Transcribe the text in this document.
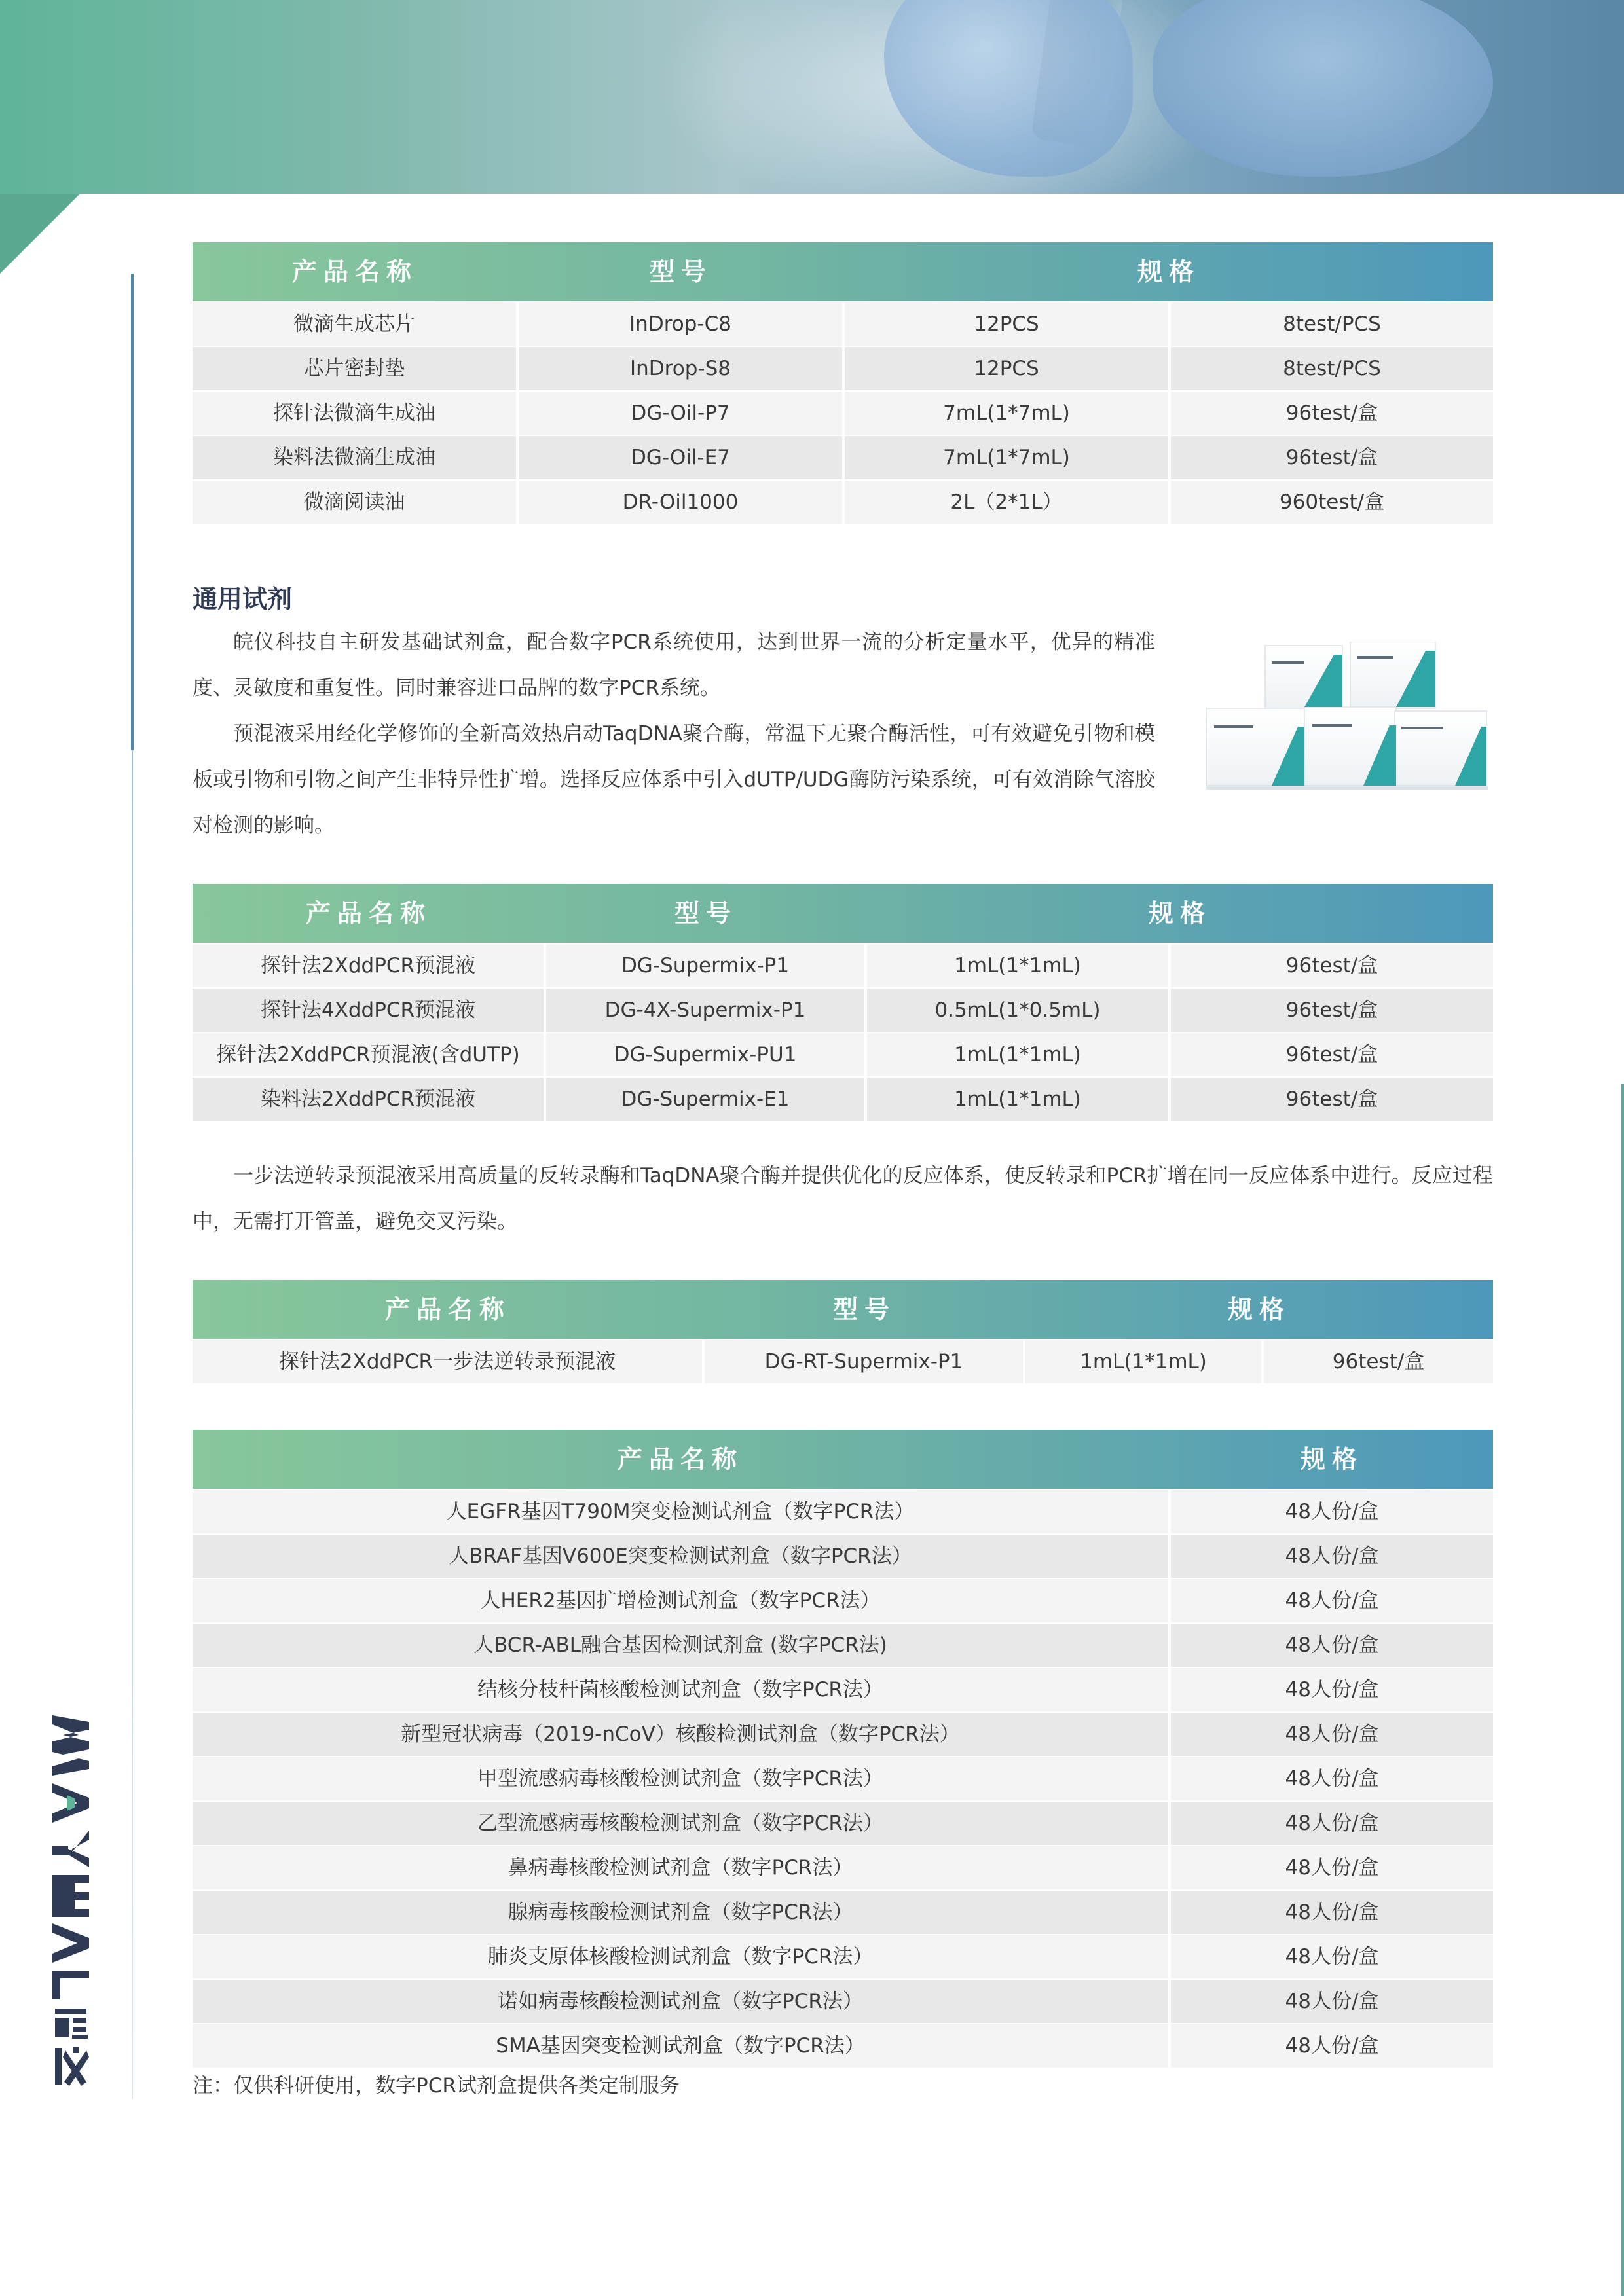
产品名称	型号	规格
微滴生成芯片	InDrop-C8	12PCS	8test/PCS
芯片密封垫	InDrop-S8	12PCS	8test/PCS
探针法微滴生成油	DG-Oil-P7	7mL(1*7mL)	96test/盒
染料法微滴生成油	DG-Oil-E7	7mL(1*7mL)	96test/盒
微滴阅读油	DR-Oil1000	2L（2*1L）	960test/盒
通用试剂
皖仪科技自主研发基础试剂盒，配合数字PCR系统使用，达到世界一流的分析定量水平，优异的精准度、灵敏度和重复性。同时兼容进口品牌的数字PCR系统。
预混液采用经化学修饰的全新高效热启动TaqDNA聚合酶，常温下无聚合酶活性，可有效避免引物和模板或引物和引物之间产生非特异性扩增。选择反应体系中引入dUTP/UDG酶防污染系统，可有效消除气溶胶对检测的影响。
产品名称	型号	规格
探针法2XddPCR预混液	DG-Supermix-P1	1mL(1*1mL)	96test/盒
探针法4XddPCR预混液	DG-4X-Supermix-P1	0.5mL(1*0.5mL)	96test/盒
探针法2XddPCR预混液(含dUTP)	DG-Supermix-PU1	1mL(1*1mL)	96test/盒
染料法2XddPCR预混液	DG-Supermix-E1	1mL(1*1mL)	96test/盒
一步法逆转录预混液采用高质量的反转录酶和TaqDNA聚合酶并提供优化的反应体系，使反转录和PCR扩增在同一反应体系中进行。反应过程中，无需打开管盖，避免交叉污染。
产品名称	型号	规格
探针法2XddPCR一步法逆转录预混液	DG-RT-Supermix-P1	1mL(1*1mL)	96test/盒
产品名称	规格
人EGFR基因T790M突变检测试剂盒（数字PCR法）	48人份/盒
人BRAF基因V600E突变检测试剂盒（数字PCR法）	48人份/盒
人HER2基因扩增检测试剂盒（数字PCR法）	48人份/盒
人BCR-ABL融合基因检测试剂盒 (数字PCR法)	48人份/盒
结核分枝杆菌核酸检测试剂盒（数字PCR法）	48人份/盒
新型冠状病毒（2019-nCoV）核酸检测试剂盒（数字PCR法）	48人份/盒
甲型流感病毒核酸检测试剂盒（数字PCR法）	48人份/盒
乙型流感病毒核酸检测试剂盒（数字PCR法）	48人份/盒
鼻病毒核酸检测试剂盒（数字PCR法）	48人份/盒
腺病毒核酸检测试剂盒（数字PCR法）	48人份/盒
肺炎支原体核酸检测试剂盒（数字PCR法）	48人份/盒
诺如病毒核酸检测试剂盒（数字PCR法）	48人份/盒
SMA基因突变检测试剂盒（数字PCR法）	48人份/盒
注：仅供科研使用，数字PCR试剂盒提供各类定制服务
